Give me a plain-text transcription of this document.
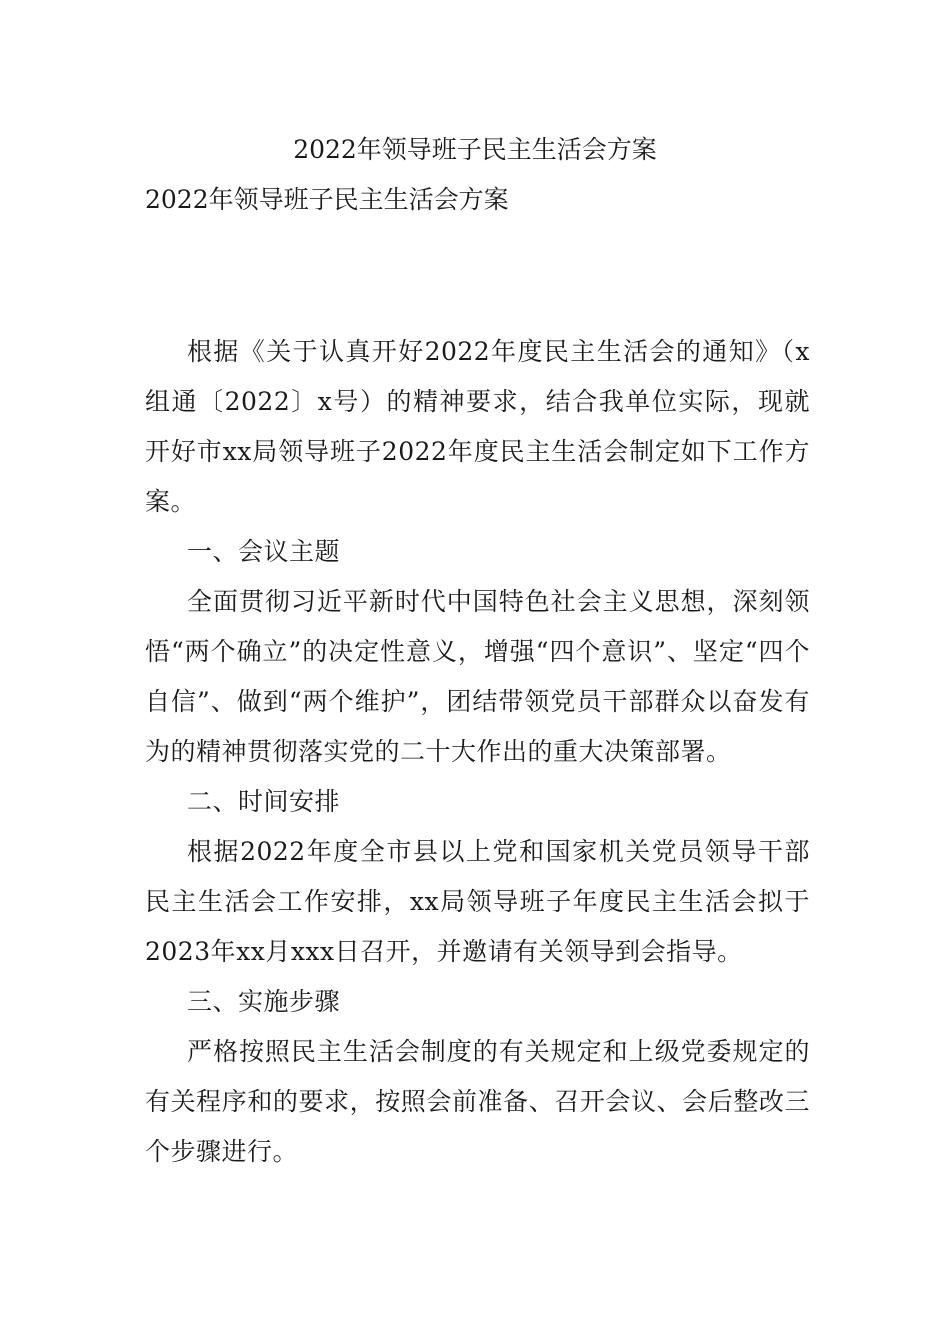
2022年领导班子民主生活会方案
2022年领导班子民主生活会方案

根据《关于认真开好2022年度民主生活会的通知》（x组通〔2022〕x号）的精神要求，结合我单位实际，现就开好市xx局领导班子2022年度民主生活会制定如下工作方案。

一、会议主题

全面贯彻习近平新时代中国特色社会主义思想，深刻领悟“两个确立”的决定性意义，增强“四个意识”、坚定“四个自信”、做到“两个维护”，团结带领党员干部群众以奋发有为的精神贯彻落实党的二十大作出的重大决策部署。

二、时间安排

根据2022年度全市县以上党和国家机关党员领导干部民主生活会工作安排，xx局领导班子年度民主生活会拟于2023年xx月xxx日召开，并邀请有关领导到会指导。

三、实施步骤

严格按照民主生活会制度的有关规定和上级党委规定的有关程序和的要求，按照会前准备、召开会议、会后整改三个步骤进行。
